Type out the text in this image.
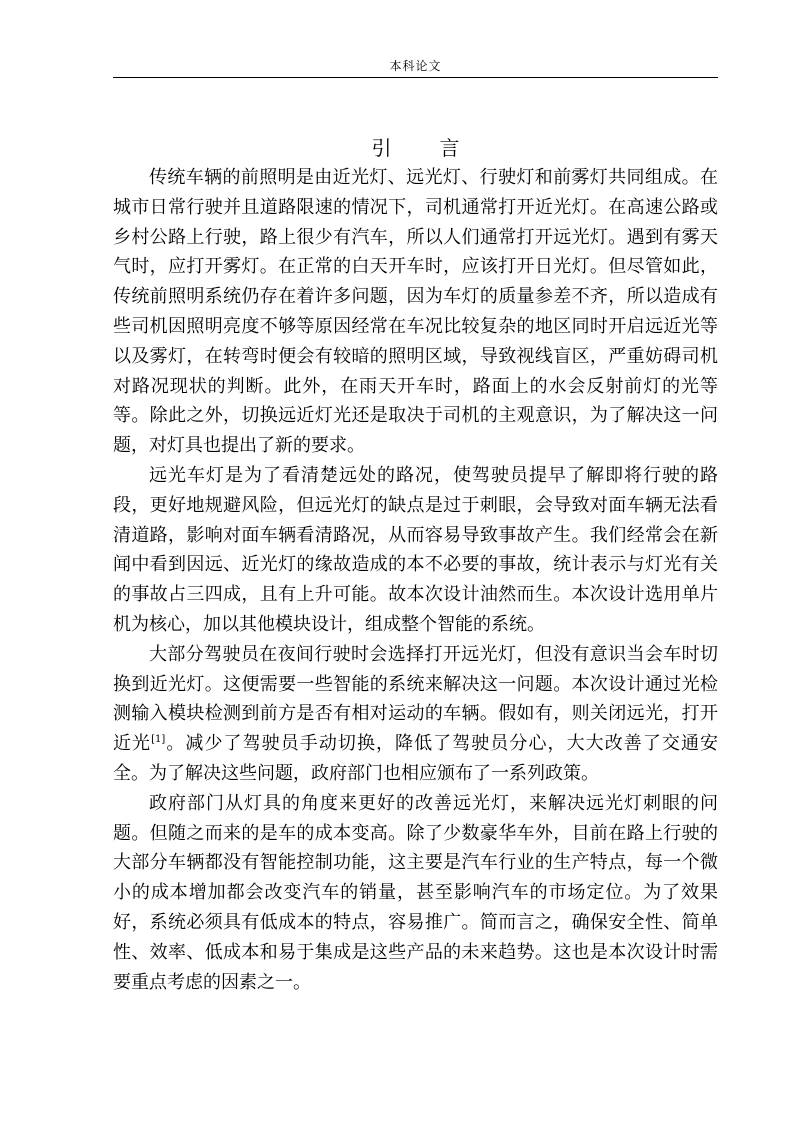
本科论文
引 言

传统车辆的前照明是由近光灯、远光灯、行驶灯和前雾灯共同组成。在城市日常行驶并且道路限速的情况下，司机通常打开近光灯。在高速公路或乡村公路上行驶，路上很少有汽车，所以人们通常打开远光灯。遇到有雾天气时，应打开雾灯。在正常的白天开车时，应该打开日光灯。但尽管如此，传统前照明系统仍存在着许多问题，因为车灯的质量参差不齐，所以造成有些司机因照明亮度不够等原因经常在车况比较复杂的地区同时开启远近光等以及雾灯，在转弯时便会有较暗的照明区域，导致视线盲区，严重妨碍司机对路况现状的判断。此外，在雨天开车时，路面上的水会反射前灯的光等等。除此之外，切换远近灯光还是取决于司机的主观意识，为了解决这一问题，对灯具也提出了新的要求。

远光车灯是为了看清楚远处的路况，使驾驶员提早了解即将行驶的路段，更好地规避风险，但远光灯的缺点是过于刺眼，会导致对面车辆无法看清道路，影响对面车辆看清路况，从而容易导致事故产生。我们经常会在新闻中看到因远、近光灯的缘故造成的本不必要的事故，统计表示与灯光有关的事故占三四成，且有上升可能。故本次设计油然而生。本次设计选用单片机为核心，加以其他模块设计，组成整个智能的系统。

大部分驾驶员在夜间行驶时会选择打开远光灯，但没有意识当会车时切换到近光灯。这便需要一些智能的系统来解决这一问题。本次设计通过光检测输入模块检测到前方是否有相对运动的车辆。假如有，则关闭远光，打开近光[1]。减少了驾驶员手动切换，降低了驾驶员分心，大大改善了交通安全。为了解决这些问题，政府部门也相应颁布了一系列政策。

政府部门从灯具的角度来更好的改善远光灯，来解决远光灯刺眼的问题。但随之而来的是车的成本变高。除了少数豪华车外，目前在路上行驶的大部分车辆都没有智能控制功能，这主要是汽车行业的生产特点，每一个微小的成本增加都会改变汽车的销量，甚至影响汽车的市场定位。为了效果好，系统必须具有低成本的特点，容易推广。简而言之，确保安全性、简单性、效率、低成本和易于集成是这些产品的未来趋势。这也是本次设计时需要重点考虑的因素之一。
